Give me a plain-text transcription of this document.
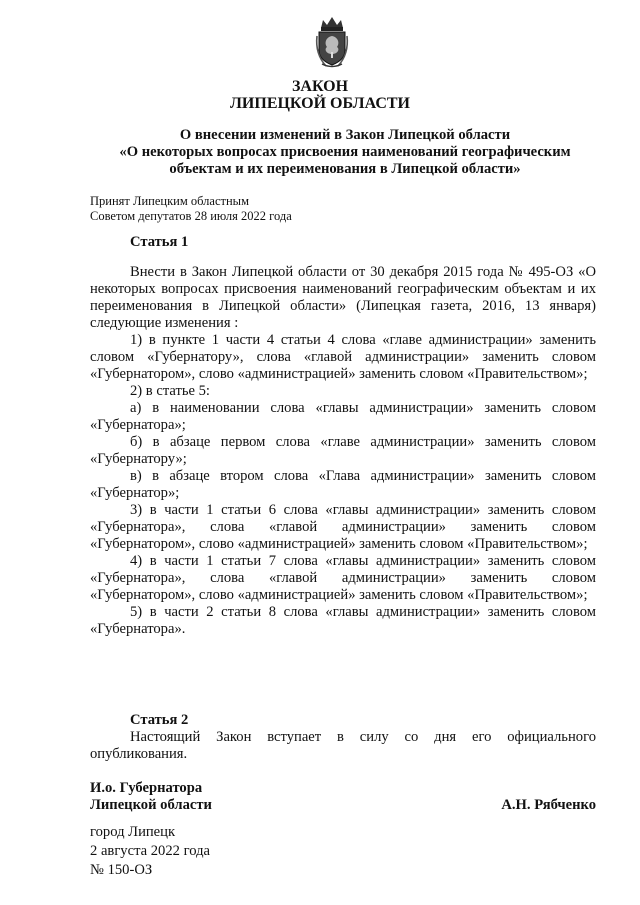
ЗАКОН
ЛИПЕЦКОЙ ОБЛАСТИ
О внесении изменений в Закон Липецкой области
«О некоторых вопросах присвоения наименований географическим
объектам и их переименования в Липецкой области»
Принят Липецким областным
Советом депутатов 28 июля 2022 года
Статья 1

Внести в Закон Липецкой области от 30 декабря 2015 года № 495-ОЗ «О некоторых вопросах присвоения наименований географическим объектам и их переименования в Липецкой области» (Липецкая газета, 2016, 13 января) следующие изменения :

1) в пункте 1 части 4 статьи 4 слова «главе администрации» заменить словом «Губернатору», слова «главой администрации» заменить словом «Губернатором», слово «администрацией» заменить словом «Правительством»;

2) в статье 5:

а) в наименовании слова «главы администрации» заменить словом «Губернатора»;

б) в абзаце первом слова «главе администрации» заменить словом «Губернатору»;

в) в абзаце втором слова «Глава администрации» заменить словом «Губернатор»;

3) в части 1 статьи 6 слова «главы администрации» заменить словом «Губернатора», слова «главой администрации» заменить словом «Губернатором», слово «администрацией» заменить словом «Правительством»;

4) в части 1 статьи 7 слова «главы администрации» заменить словом «Губернатора», слова «главой администрации» заменить словом «Губернатором», слово «администрацией» заменить словом «Правительством»;

5) в части 2 статьи 8 слова «главы администрации» заменить словом «Губернатора».

Статья 2

Настоящий Закон вступает в силу со дня его официального опубликования.

И.о. Губернатора
Липецкой области	А.Н. Рябченко
город Липецк
2 августа 2022 года
№ 150-ОЗ
